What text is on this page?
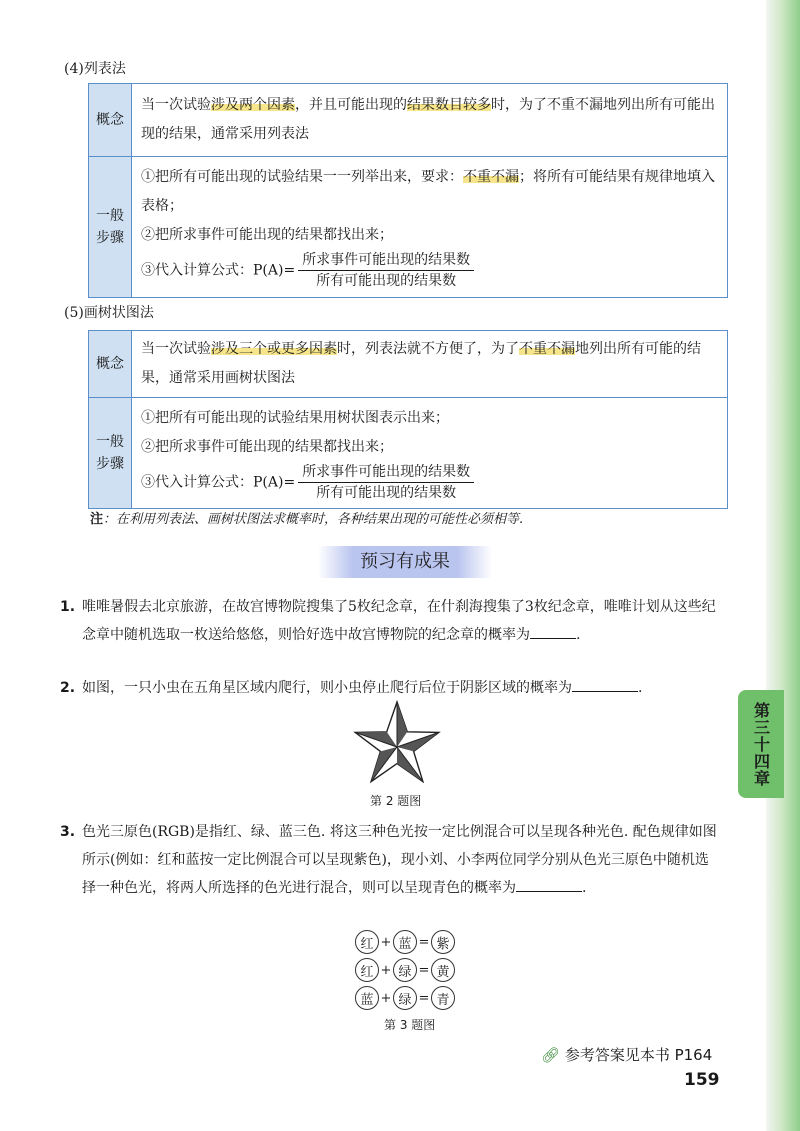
(4)列表法
概念	当一次试验涉及两个因素，并且可能出现的结果数目较多时，为了不重不漏地列出所有可能出现的结果，通常采用列表法
一般步骤	①把所有可能出现的试验结果一一列举出来，要求：不重不漏；将所有可能结果有规律地填入表格；
②把所求事件可能出现的结果都找出来；
③代入计算公式：$P(A)= \frac{\text{所求事件可能出现的结果数}}{\text{所有可能出现的结果数}}$
(5)画树状图法
概念	当一次试验涉及三个或更多因素时，列表法就不方便了，为了不重不漏地列出所有可能的结果，通常采用画树状图法
一般步骤	①把所有可能出现的试验结果用树状图表示出来；
②把所求事件可能出现的结果都找出来；
③代入计算公式：$P(A)= \frac{\text{所求事件可能出现的结果数}}{\text{所有可能出现的结果数}}$
注：在利用列表法、画树状图法求概率时，各种结果出现的可能性必须相等.
预习有成果
1. 唯唯暑假去北京旅游，在故宫博物院搜集了5枚纪念章，在什刹海搜集了3枚纪念章，唯唯计划从这些纪念章中随机选取一枚送给悠悠，则恰好选中故宫博物院的纪念章的概率为	.
2. 如图，一只小虫在五角星区域内爬行，则小虫停止爬行后位于阴影区域的概率为	.
第 2 题图
3. 色光三原色(RGB)是指红、绿、蓝三色. 将这三种色光按一定比例混合可以呈现各种光色. 配色规律如图所示(例如：红和蓝按一定比例混合可以呈现紫色)，现小刘、小李两位同学分别从色光三原色中随机选择一种色光，将两人所选择的色光进行混合，则可以呈现青色的概率为	.
红 + 蓝 = 紫
红 + 绿 = 黄
蓝 + 绿 = 青
第 3 题图
第三十四章
🔗︎ 参考答案见本书 P164
159
